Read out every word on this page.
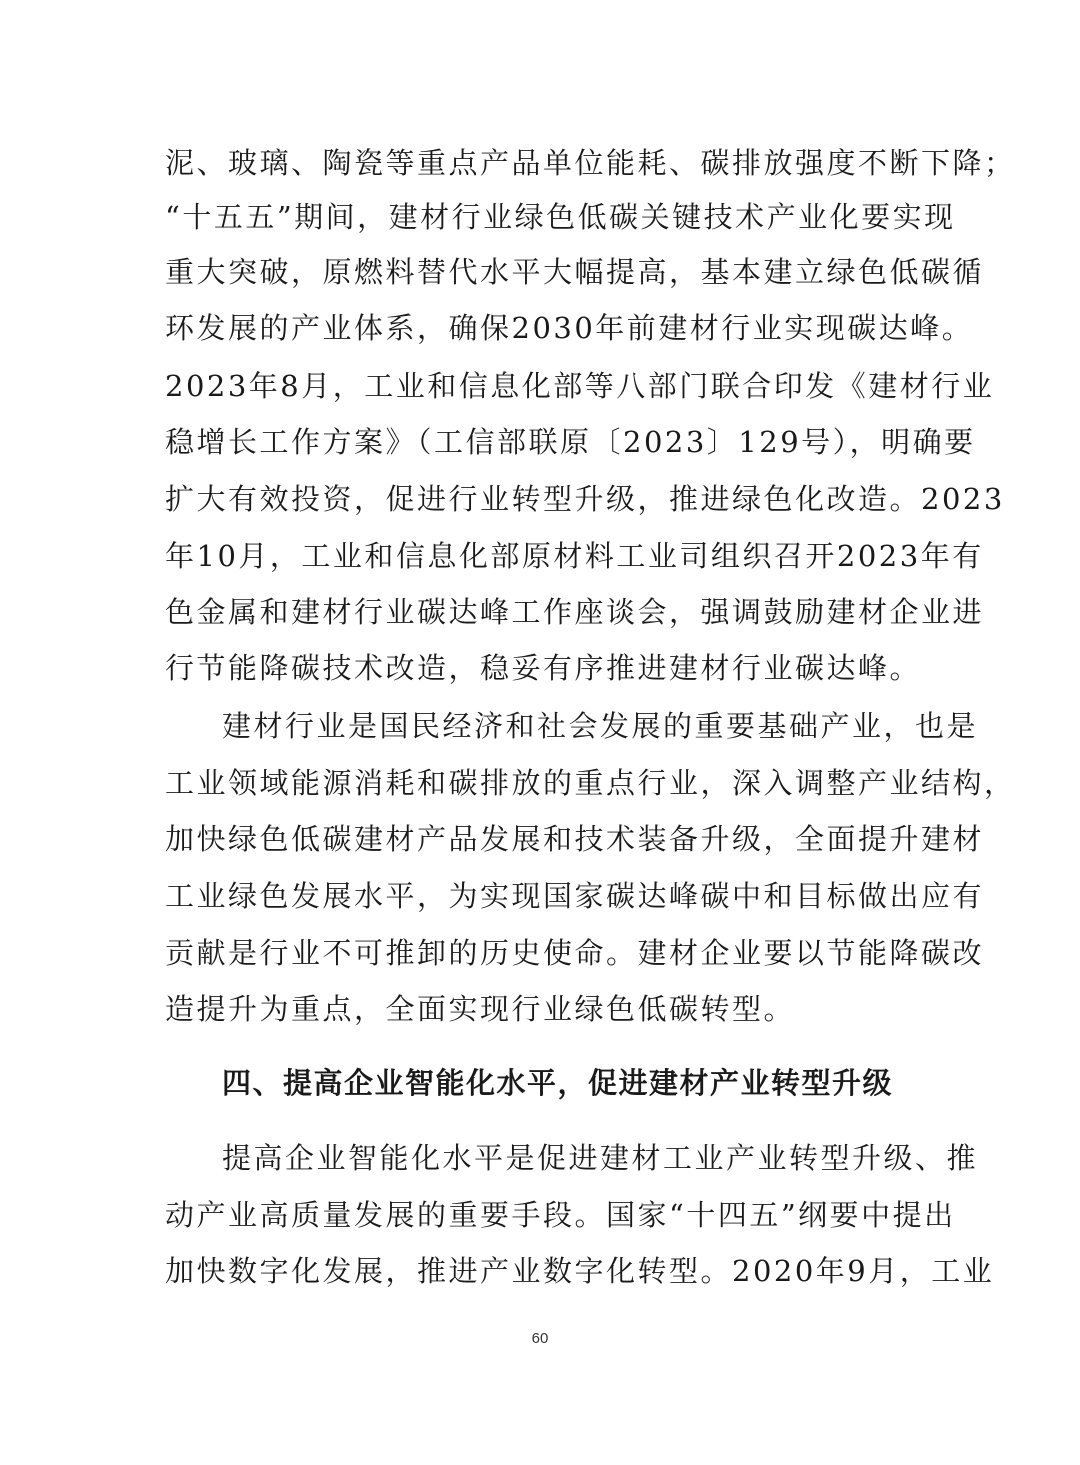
泥、玻璃、陶瓷等重点产品单位能耗、碳排放强度不断下降；
“十五五”期间，建材行业绿色低碳关键技术产业化要实现
重大突破，原燃料替代水平大幅提高，基本建立绿色低碳循
环发展的产业体系，确保2030年前建材行业实现碳达峰。
2023年8月，工业和信息化部等八部门联合印发《建材行业
稳增长工作方案》（工信部联原〔2023〕129号），明确要
扩大有效投资，促进行业转型升级，推进绿色化改造。2023
年10月，工业和信息化部原材料工业司组织召开2023年有
色金属和建材行业碳达峰工作座谈会，强调鼓励建材企业进
行节能降碳技术改造，稳妥有序推进建材行业碳达峰。
建材行业是国民经济和社会发展的重要基础产业，也是
工业领域能源消耗和碳排放的重点行业，深入调整产业结构，
加快绿色低碳建材产品发展和技术装备升级，全面提升建材
工业绿色发展水平，为实现国家碳达峰碳中和目标做出应有
贡献是行业不可推卸的历史使命。建材企业要以节能降碳改
造提升为重点，全面实现行业绿色低碳转型。
四、提高企业智能化水平，促进建材产业转型升级
提高企业智能化水平是促进建材工业产业转型升级、推
动产业高质量发展的重要手段。国家“十四五”纲要中提出
加快数字化发展，推进产业数字化转型。2020年9月，工业
60
